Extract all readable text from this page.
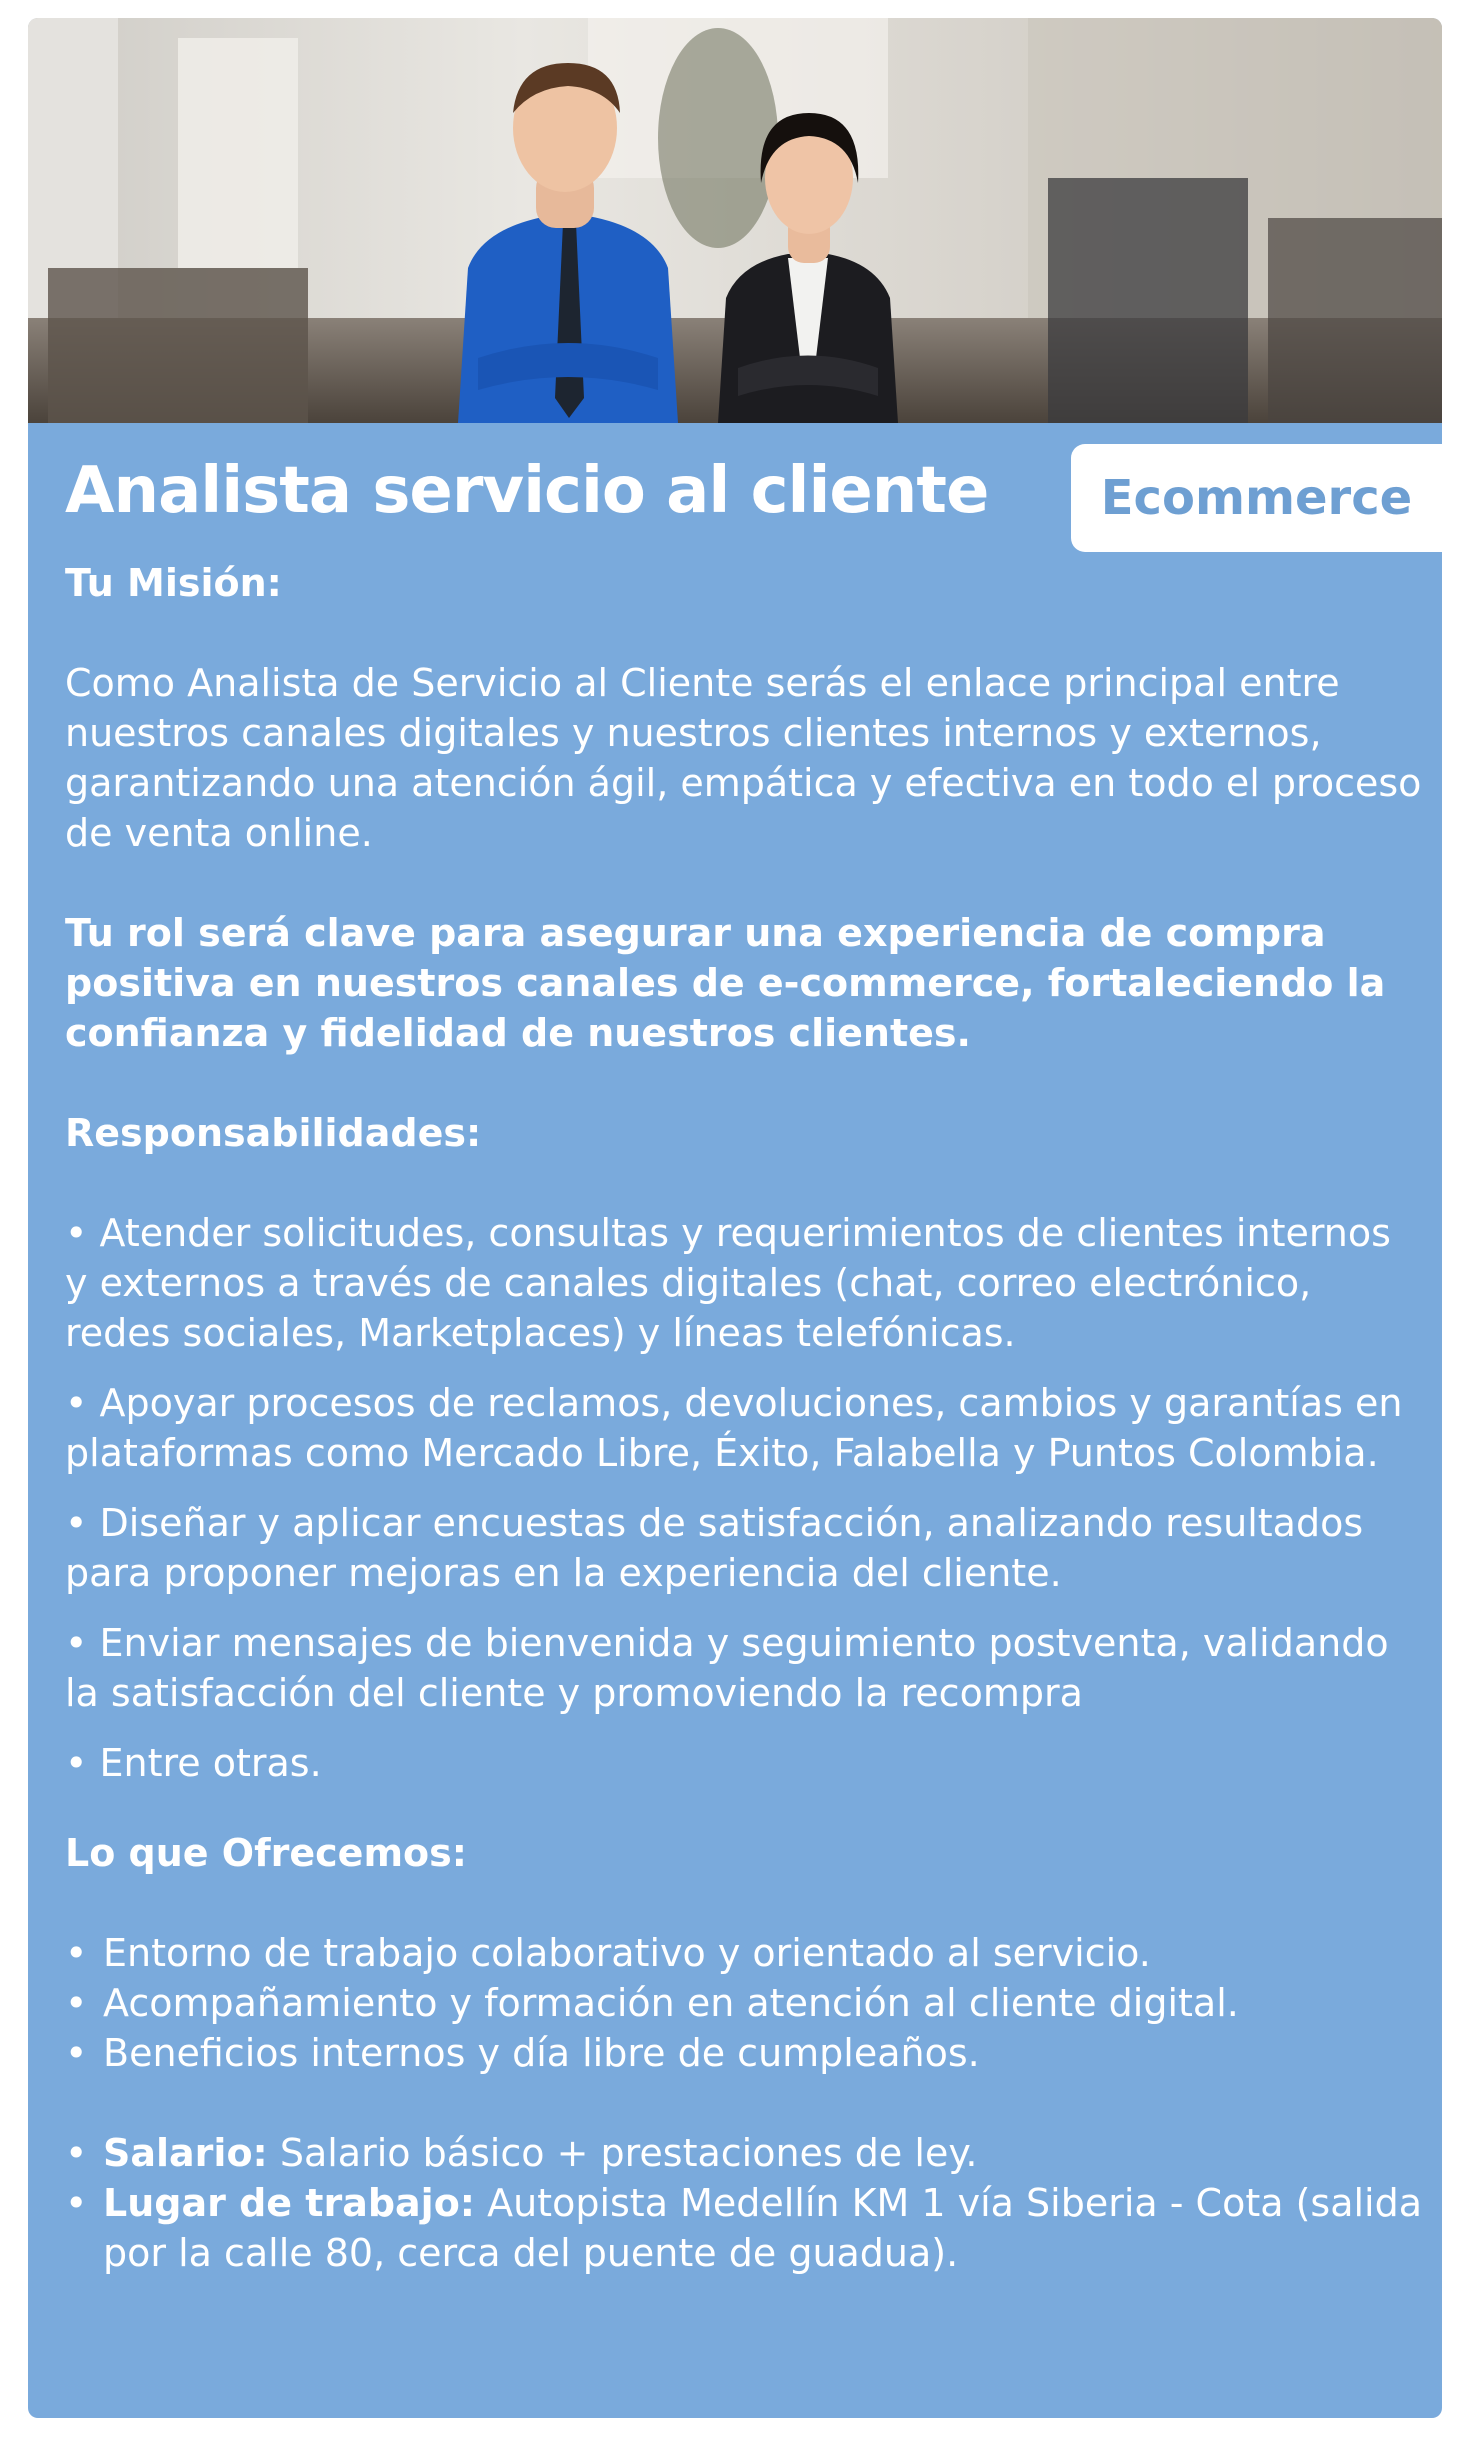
Analista servicio al cliente	Ecommerce

Tu Misión:

Como Analista de Servicio al Cliente serás el enlace principal entre nuestros canales digitales y nuestros clientes internos y externos, garantizando una atención ágil, empática y efectiva en todo el proceso de venta online.

Tu rol será clave para asegurar una experiencia de compra positiva en nuestros canales de e-commerce, fortaleciendo la confianza y fidelidad de nuestros clientes.

Responsabilidades:

• Atender solicitudes, consultas y requerimientos de clientes internos y externos a través de canales digitales (chat, correo electrónico, redes sociales, Marketplaces) y líneas telefónicas.

• Apoyar procesos de reclamos, devoluciones, cambios y garantías en plataformas como Mercado Libre, Éxito, Falabella y Puntos Colombia.

• Diseñar y aplicar encuestas de satisfacción, analizando resultados para proponer mejoras en la experiencia del cliente.

• Enviar mensajes de bienvenida y seguimiento postventa, validando la satisfacción del cliente y promoviendo la recompra

• Entre otras.

Lo que Ofrecemos:

• Entorno de trabajo colaborativo y orientado al servicio.
• Acompañamiento y formación en atención al cliente digital.
• Beneficios internos y día libre de cumpleaños.
• Salario: Salario básico + prestaciones de ley.
• Lugar de trabajo: Autopista Medellín KM 1 vía Siberia - Cota (salida por la calle 80, cerca del puente de guadua).
